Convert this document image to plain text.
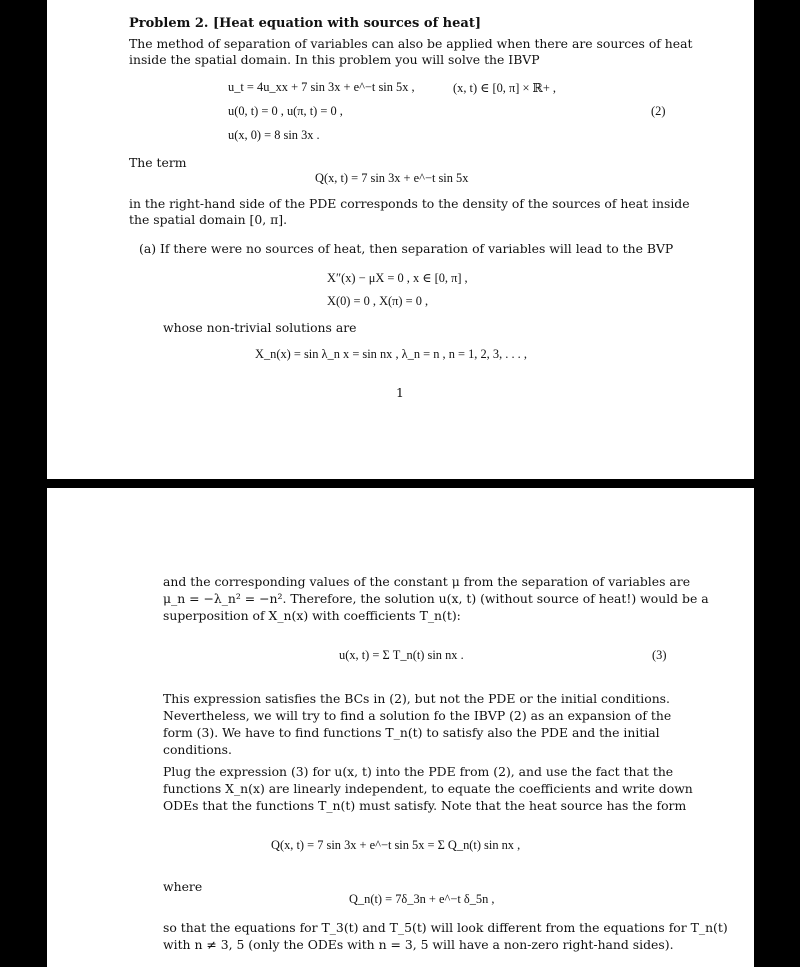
Problem 2. [Heat equation with sources of heat]
The method of separation of variables can also be applied when there are sources of heat
inside the spatial domain. In this problem you will solve the IBVP
u_t = 4u_xx + 7 sin 3x + e^−t sin 5x ,	(x, t) ∈ [0, π] × ℝ+ ,
u(0, t) = 0 , u(π, t) = 0 ,
u(x, 0) = 8 sin 3x .
(2)
The term
Q(x, t) = 7 sin 3x + e^−t sin 5x
in the right-hand side of the PDE corresponds to the density of the sources of heat inside
the spatial domain [0, π].
(a) If there were no sources of heat, then separation of variables will lead to the BVP
X″(x) − μX = 0 , x ∈ [0, π] ,
X(0) = 0 , X(π) = 0 ,
whose non-trivial solutions are
X_n(x) = sin λ_n x = sin nx , λ_n = n , n = 1, 2, 3, . . . ,
1
and the corresponding values of the constant μ from the separation of variables are
μ_n = −λ_n² = −n². Therefore, the solution u(x, t) (without source of heat!) would be a
superposition of X_n(x) with coefficients T_n(t):
u(x, t) = Σ T_n(t) sin nx .	(3)
This expression satisfies the BCs in (2), but not the PDE or the initial conditions.
Nevertheless, we will try to find a solution fo the IBVP (2) as an expansion of the
form (3). We have to find functions T_n(t) to satisfy also the PDE and the initial
conditions.
Plug the expression (3) for u(x, t) into the PDE from (2), and use the fact that the
functions X_n(x) are linearly independent, to equate the coefficients and write down
ODEs that the functions T_n(t) must satisfy. Note that the heat source has the form
Q(x, t) = 7 sin 3x + e^−t sin 5x = Σ Q_n(t) sin nx ,
where
Q_n(t) = 7δ_3n + e^−t δ_5n ,
so that the equations for T_3(t) and T_5(t) will look different from the equations for T_n(t)
with n ≠ 3, 5 (only the ODEs with n = 3, 5 will have a non-zero right-hand sides).
